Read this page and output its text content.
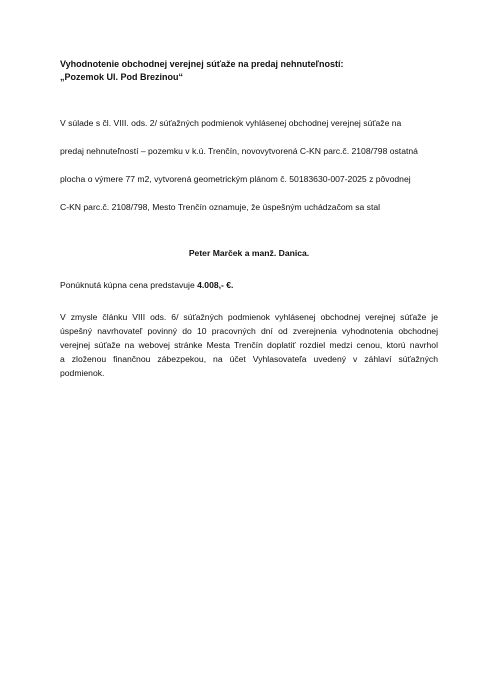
Vyhodnotenie obchodnej verejnej súťaže na predaj nehnuteľností:
„Pozemok Ul. Pod Brezinou“

V súlade s čl. VIII. ods. 2/ súťažných podmienok vyhlásenej obchodnej verejnej súťaže na

predaj nehnuteľností – pozemku v k.ú. Trenčín, novovytvorená C-KN parc.č. 2108/798 ostatná

plocha o výmere 77 m2, vytvorená geometrickým plánom č. 50183630-007-2025 z pôvodnej

C-KN parc.č. 2108/798, Mesto Trenčín oznamuje, že úspešným uchádzačom sa stal

Peter Marček a manž. Danica.

Ponúknutá kúpna cena predstavuje 4.008,- €.

V zmysle článku VIII ods. 6/ súťažných podmienok vyhlásenej obchodnej verejnej súťaže je
úspešný navrhovateľ povinný do 10 pracovných dní od zverejnenia vyhodnotenia obchodnej
verejnej súťaže na webovej stránke Mesta Trenčín doplatiť rozdiel medzi cenou, ktorú navrhol
a zloženou finančnou zábezpekou, na účet Vyhlasovateľa uvedený v záhlaví súťažných
podmienok.
